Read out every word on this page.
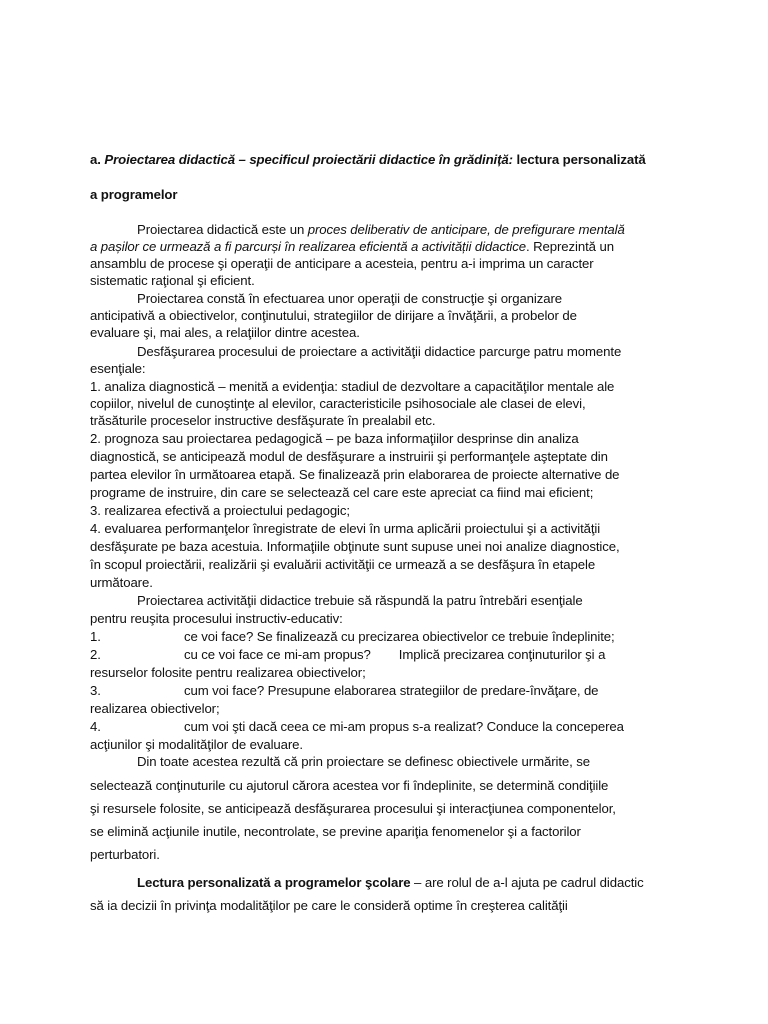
a. Proiectarea didactică – specificul proiectării didactice în grădiniță: lectura personalizată
a programelor
Proiectarea didactică este un proces deliberativ de anticipare, de prefigurare mentală
a pașilor ce urmează a fi parcurși în realizarea eficientă a activității didactice. Reprezintă un
ansamblu de procese şi operaţii de anticipare a acesteia, pentru a-i imprima un caracter
sistematic raţional şi eficient.
Proiectarea constă în efectuarea unor operaţii de construcţie şi organizare
anticipativă a obiectivelor, conţinutului, strategiilor de dirijare a învăţării, a probelor de
evaluare şi, mai ales, a relaţiilor dintre acestea.
Desfăşurarea procesului de proiectare a activităţii didactice parcurge patru momente
esenţiale:
1. analiza diagnostică – menită a evidenţia: stadiul de dezvoltare a capacităţilor mentale ale
copiilor, nivelul de cunoştinţe al elevilor, caracteristicile psihosociale ale clasei de elevi,
trăsăturile proceselor instructive desfăşurate în prealabil etc.
2. prognoza sau proiectarea pedagogică – pe baza informaţiilor desprinse din analiza
diagnostică, se anticipează modul de desfăşurare a instruirii şi performanţele aşteptate din
partea elevilor în următoarea etapă. Se finalizează prin elaborarea de proiecte alternative de
programe de instruire, din care se selectează cel care este apreciat ca fiind mai eficient;
3. realizarea efectivă a proiectului pedagogic;
4. evaluarea performanţelor înregistrate de elevi în urma aplicării proiectului şi a activităţii
desfăşurate pe baza acestuia. Informaţiile obţinute sunt supuse unei noi analize diagnostice,
în scopul proiectării, realizării şi evaluării activităţii ce urmează a se desfăşura în etapele
următoare.
Proiectarea activităţii didactice trebuie să răspundă la patru întrebări esenţiale
pentru reuşita procesului instructiv-educativ:
1.	ce voi face? Se finalizează cu precizarea obiectivelor ce trebuie îndeplinite;
2.	cu ce voi face ce mi-am propus? Implică precizarea conţinuturilor şi a
resurselor folosite pentru realizarea obiectivelor;
3.	cum voi face? Presupune elaborarea strategiilor de predare-învăţare, de
realizarea obiectivelor;
4.	cum voi şti dacă ceea ce mi-am propus s-a realizat? Conduce la conceperea
acţiunilor şi modalităţilor de evaluare.
Din toate acestea rezultă că prin proiectare se definesc obiectivele urmărite, se
selectează conţinuturile cu ajutorul cărora acestea vor fi îndeplinite, se determină condiţiile
şi resursele folosite, se anticipează desfăşurarea procesului şi interacţiunea componentelor,
se elimină acţiunile inutile, necontrolate, se previne apariţia fenomenelor şi a factorilor
perturbatori.
Lectura personalizată a programelor şcolare – are rolul de a-l ajuta pe cadrul didactic
să ia decizii în privinţa modalităţilor pe care le consideră optime în creşterea calităţii
